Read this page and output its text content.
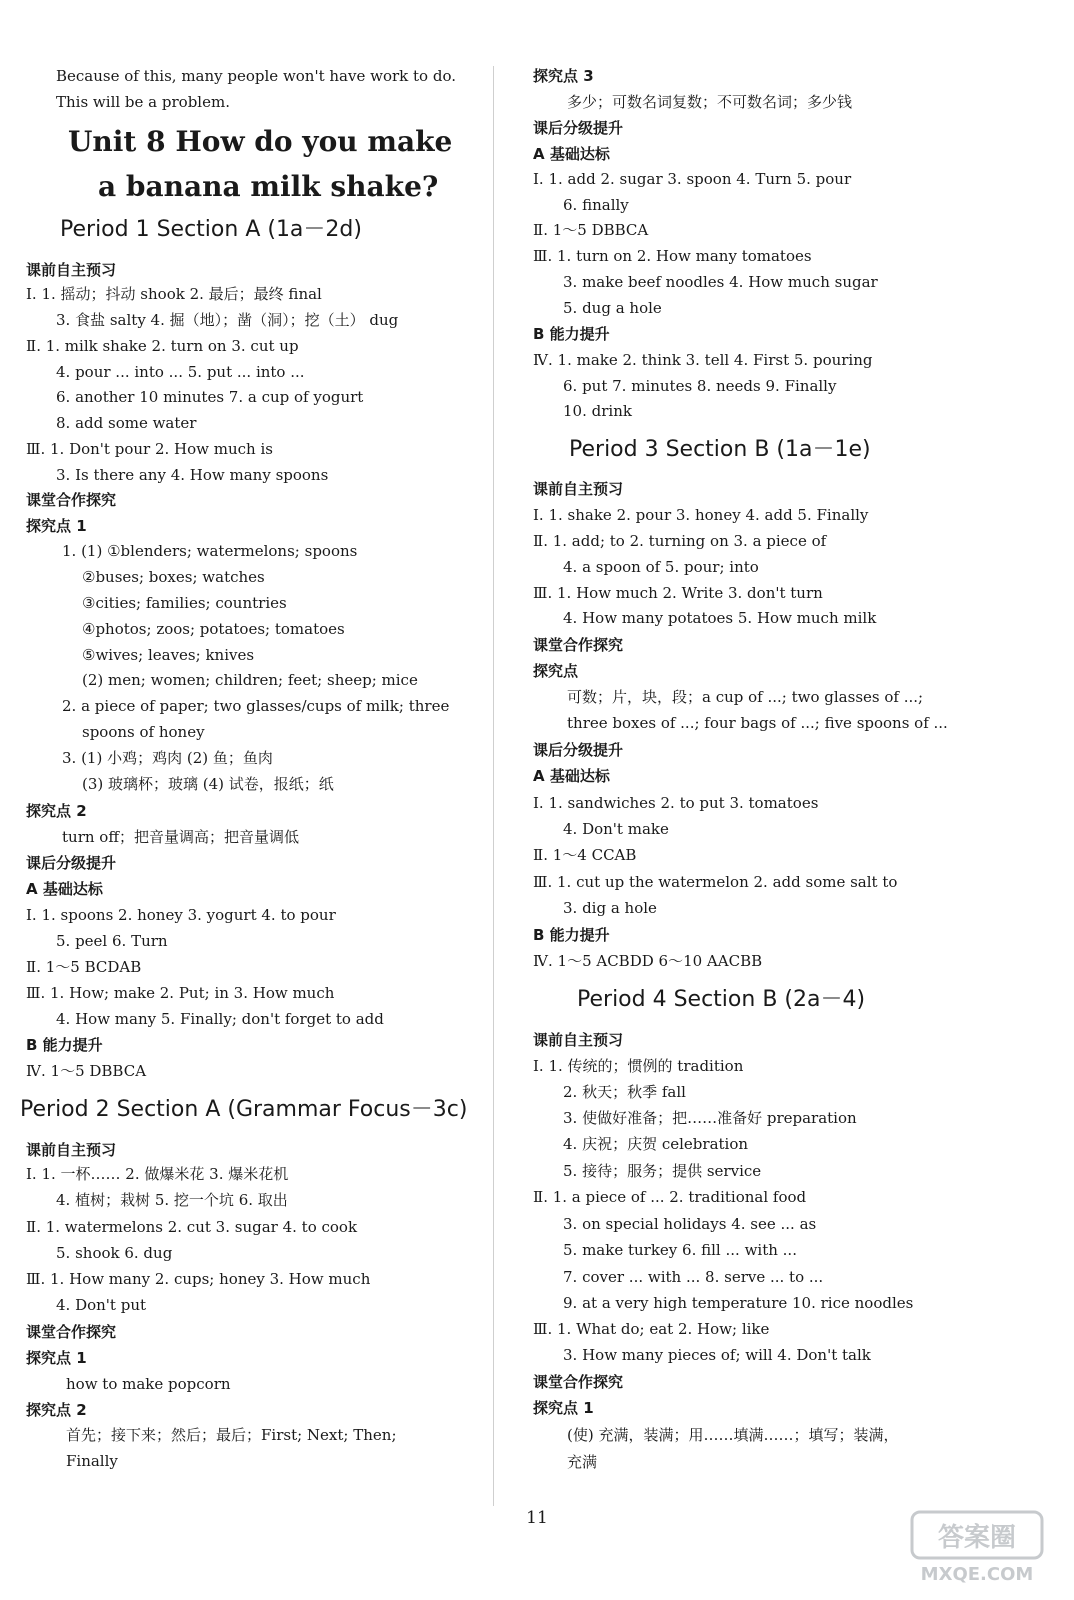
Because of this, many people won't have work to do.
This will be a problem.
Unit 8 How do you make
a banana milk shake?
Period 1 Section A (1a－2d)
课前自主预习
Ⅰ. 1. 摇动；抖动 shook 2. 最后；最终 final
3. 食盐 salty 4. 掘（地）；凿（洞）；挖（土） dug
Ⅱ. 1. milk shake 2. turn on 3. cut up
4. pour ... into ... 5. put ... into ...
6. another 10 minutes 7. a cup of yogurt
8. add some water
Ⅲ. 1. Don't pour 2. How much is
3. Is there any 4. How many spoons
课堂合作探究
探究点 1
1. (1) ①blenders; watermelons; spoons
②buses; boxes; watches
③cities; families; countries
④photos; zoos; potatoes; tomatoes
⑤wives; leaves; knives
(2) men; women; children; feet; sheep; mice
2. a piece of paper; two glasses/cups of milk; three
spoons of honey
3. (1) 小鸡；鸡肉 (2) 鱼；鱼肉
(3) 玻璃杯；玻璃 (4) 试卷，报纸；纸
探究点 2
turn off；把音量调高；把音量调低
课后分级提升
A 基础达标
Ⅰ. 1. spoons 2. honey 3. yogurt 4. to pour
5. peel 6. Turn
Ⅱ. 1～5 BCDAB
Ⅲ. 1. How; make 2. Put; in 3. How much
4. How many 5. Finally; don't forget to add
B 能力提升
Ⅳ. 1～5 DBBCA
Period 2 Section A (Grammar Focus－3c)
课前自主预习
Ⅰ. 1. 一杯…… 2. 做爆米花 3. 爆米花机
4. 植树；栽树 5. 挖一个坑 6. 取出
Ⅱ. 1. watermelons 2. cut 3. sugar 4. to cook
5. shook 6. dug
Ⅲ. 1. How many 2. cups; honey 3. How much
4. Don't put
课堂合作探究
探究点 1
how to make popcorn
探究点 2
首先；接下来；然后；最后；First; Next; Then;
Finally
探究点 3
多少；可数名词复数；不可数名词；多少钱
课后分级提升
A 基础达标
Ⅰ. 1. add 2. sugar 3. spoon 4. Turn 5. pour
6. finally
Ⅱ. 1～5 DBBCA
Ⅲ. 1. turn on 2. How many tomatoes
3. make beef noodles 4. How much sugar
5. dug a hole
B 能力提升
Ⅳ. 1. make 2. think 3. tell 4. First 5. pouring
6. put 7. minutes 8. needs 9. Finally
10. drink
Period 3 Section B (1a－1e)
课前自主预习
Ⅰ. 1. shake 2. pour 3. honey 4. add 5. Finally
Ⅱ. 1. add; to 2. turning on 3. a piece of
4. a spoon of 5. pour; into
Ⅲ. 1. How much 2. Write 3. don't turn
4. How many potatoes 5. How much milk
课堂合作探究
探究点
可数；片，块，段；a cup of ...; two glasses of ...;
three boxes of ...; four bags of ...; five spoons of ...
课后分级提升
A 基础达标
Ⅰ. 1. sandwiches 2. to put 3. tomatoes
4. Don't make
Ⅱ. 1～4 CCAB
Ⅲ. 1. cut up the watermelon 2. add some salt to
3. dig a hole
B 能力提升
Ⅳ. 1～5 ACBDD 6～10 AACBB
Period 4 Section B (2a－4)
课前自主预习
Ⅰ. 1. 传统的；惯例的 tradition
2. 秋天；秋季 fall
3. 使做好准备；把……准备好 preparation
4. 庆祝；庆贺 celebration
5. 接待；服务；提供 service
Ⅱ. 1. a piece of ... 2. traditional food
3. on special holidays 4. see ... as
5. make turkey 6. fill ... with ...
7. cover ... with ... 8. serve ... to ...
9. at a very high temperature 10. rice noodles
Ⅲ. 1. What do; eat 2. How; like
3. How many pieces of; will 4. Don't talk
课堂合作探究
探究点 1
(使) 充满，装满；用……填满……；填写；装满，
充满
11
答案圈
MXQE.COM
